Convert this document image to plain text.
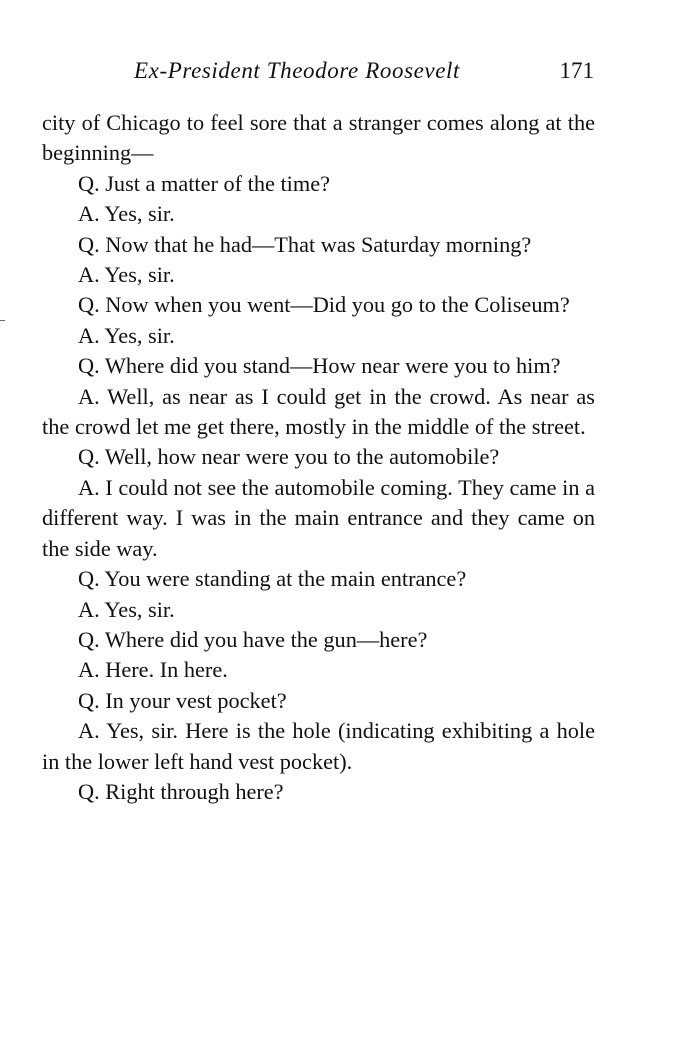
Ex-President Theodore Roosevelt	171

city of Chicago to feel sore that a stranger comes along at the beginning—

Q. Just a matter of the time?

A. Yes, sir.

Q. Now that he had—That was Saturday morning?

A. Yes, sir.

Q. Now when you went—Did you go to the Coliseum?

A. Yes, sir.

Q. Where did you stand—How near were you to him?

A. Well, as near as I could get in the crowd. As near as the crowd let me get there, mostly in the middle of the street.

Q. Well, how near were you to the automobile?

A. I could not see the automobile coming. They came in a different way. I was in the main entrance and they came on the side way.

Q. You were standing at the main entrance?

A. Yes, sir.

Q. Where did you have the gun—here?

A. Here. In here.

Q. In your vest pocket?

A. Yes, sir. Here is the hole (indicating exhibiting a hole in the lower left hand vest pocket).

Q. Right through here?
